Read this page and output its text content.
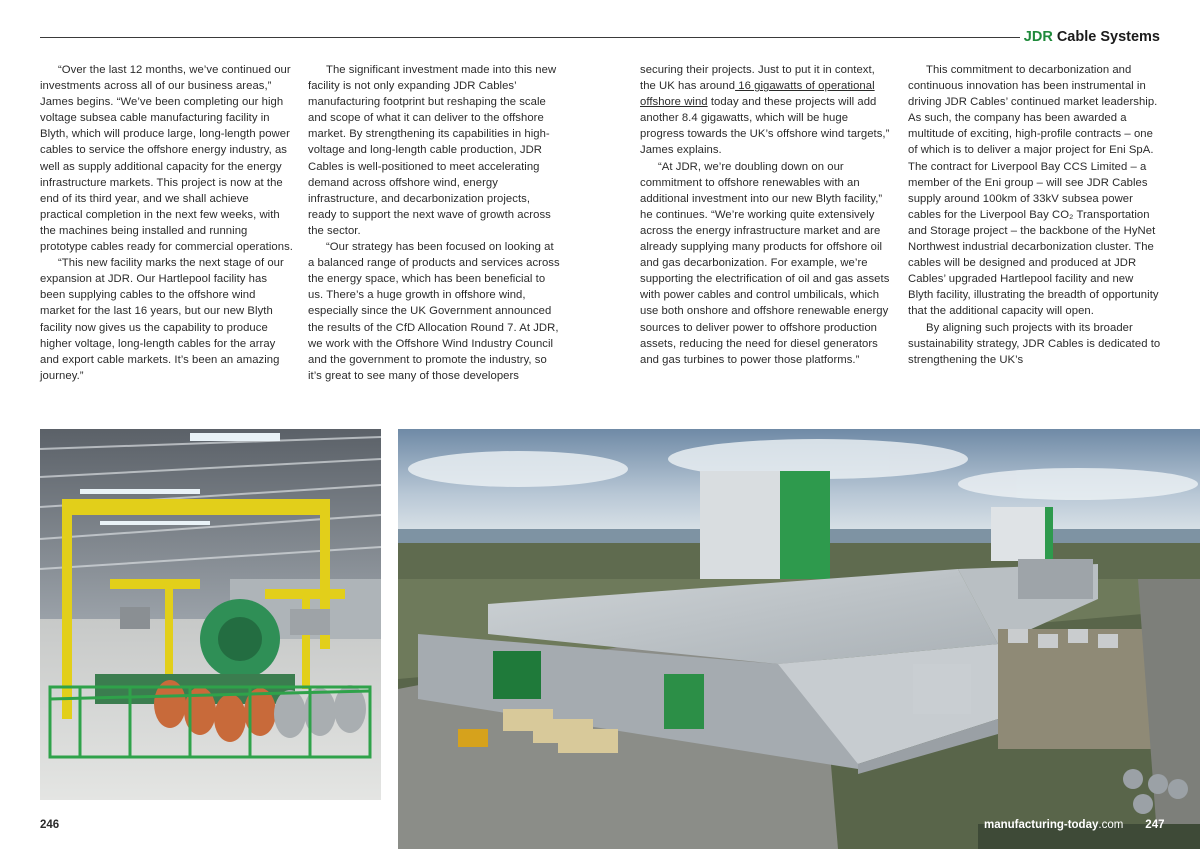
JDR Cable Systems

“Over the last 12 months, we’ve continued our investments across all of our business areas,” James begins. “We’ve been completing our high voltage subsea cable manufacturing facility in Blyth, which will produce large, long-length power cables to service the offshore energy industry, as well as supply additional capacity for the energy infrastructure markets. This project is now at the end of its third year, and we shall achieve practical completion in the next few weeks, with the machines being installed and running prototype cables ready for commercial operations.

“This new facility marks the next stage of our expansion at JDR. Our Hartlepool facility has been supplying cables to the offshore wind market for the last 16 years, but our new Blyth facility now gives us the capability to produce higher voltage, long-length cables for the array and export cable markets. It’s been an amazing journey.”

The significant investment made into this new facility is not only expanding JDR Cables’ manufacturing footprint but reshaping the scale and scope of what it can deliver to the offshore market. By strengthening its capabilities in high-voltage and long-length cable production, JDR Cables is well-positioned to meet accelerating demand across offshore wind, energy infrastructure, and decarbonization projects, ready to support the next wave of growth across the sector.

“Our strategy has been focused on looking at a balanced range of products and services across the energy space, which has been beneficial to us. There’s a huge growth in offshore wind, especially since the UK Government announced the results of the CfD Allocation Round 7. At JDR, we work with the Offshore Wind Industry Council and the government to promote the industry, so it’s great to see many of those developers

securing their projects. Just to put it in context, the UK has around 16 gigawatts of operational offshore wind today and these projects will add another 8.4 gigawatts, which will be huge progress towards the UK’s offshore wind targets,” James explains.

“At JDR, we’re doubling down on our commitment to offshore renewables with an additional investment into our new Blyth facility,” he continues. “We’re working quite extensively across the energy infrastructure market and are already supplying many products for offshore oil and gas decarbonization. For example, we’re supporting the electrification of oil and gas assets with power cables and control umbilicals, which use both onshore and offshore renewable energy sources to deliver power to offshore production assets, reducing the need for diesel generators and gas turbines to power those platforms.”

This commitment to decarbonization and continuous innovation has been instrumental in driving JDR Cables’ continued market leadership. As such, the company has been awarded a multitude of exciting, high-profile contracts – one of which is to deliver a major project for Eni SpA. The contract for Liverpool Bay CCS Limited – a member of the Eni group – will see JDR Cables supply around 100km of 33kV subsea power cables for the Liverpool Bay CO₂ Transportation and Storage project – the backbone of the HyNet Northwest industrial decarbonization cluster. The cables will be designed and produced at JDR Cables’ upgraded Hartlepool facility and new Blyth facility, illustrating the breadth of opportunity that the additional capacity will open.

By aligning such projects with its broader sustainability strategy, JDR Cables is dedicated to strengthening the UK’s

246	manufacturing-today.com 247
